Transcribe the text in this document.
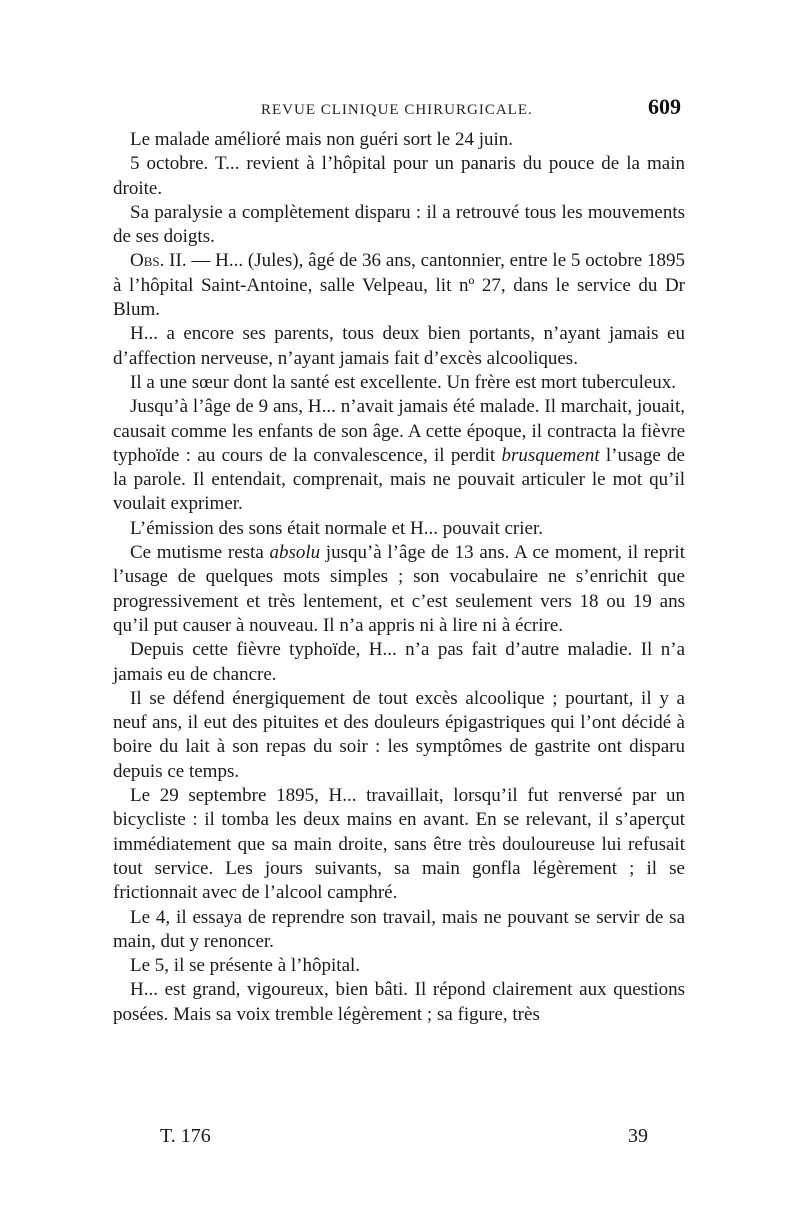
REVUE CLINIQUE CHIRURGICALE.	609

Le malade amélioré mais non guéri sort le 24 juin.

5 octobre. T... revient à l’hôpital pour un panaris du pouce de la main droite.

Sa paralysie a complètement disparu : il a retrouvé tous les mouvements de ses doigts.

Obs. II. — H... (Jules), âgé de 36 ans, cantonnier, entre le 5 octobre 1895 à l’hôpital Saint-Antoine, salle Velpeau, lit nº 27, dans le service du Dr Blum.

H... a encore ses parents, tous deux bien portants, n’ayant jamais eu d’affection nerveuse, n’ayant jamais fait d’excès alcooliques.

Il a une sœur dont la santé est excellente. Un frère est mort tuberculeux.

Jusqu’à l’âge de 9 ans, H... n’avait jamais été malade. Il marchait, jouait, causait comme les enfants de son âge. A cette époque, il contracta la fièvre typhoïde : au cours de la convalescence, il perdit brusquement l’usage de la parole. Il entendait, comprenait, mais ne pouvait articuler le mot qu’il voulait exprimer.

L’émission des sons était normale et H... pouvait crier.

Ce mutisme resta absolu jusqu’à l’âge de 13 ans. A ce moment, il reprit l’usage de quelques mots simples ; son vocabulaire ne s’enrichit que progressivement et très lentement, et c’est seulement vers 18 ou 19 ans qu’il put causer à nouveau. Il n’a appris ni à lire ni à écrire.

Depuis cette fièvre typhoïde, H... n’a pas fait d’autre maladie. Il n’a jamais eu de chancre.

Il se défend énergiquement de tout excès alcoolique ; pourtant, il y a neuf ans, il eut des pituites et des douleurs épigastriques qui l’ont décidé à boire du lait à son repas du soir : les symptômes de gastrite ont disparu depuis ce temps.

Le 29 septembre 1895, H... travaillait, lorsqu’il fut renversé par un bicycliste : il tomba les deux mains en avant. En se relevant, il s’aperçut immédiatement que sa main droite, sans être très douloureuse lui refusait tout service. Les jours suivants, sa main gonfla légèrement ; il se frictionnait avec de l’alcool camphré.

Le 4, il essaya de reprendre son travail, mais ne pouvant se servir de sa main, dut y renoncer.

Le 5, il se présente à l’hôpital.

H... est grand, vigoureux, bien bâti. Il répond clairement aux questions posées. Mais sa voix tremble légèrement ; sa figure, très

T. 176	39
